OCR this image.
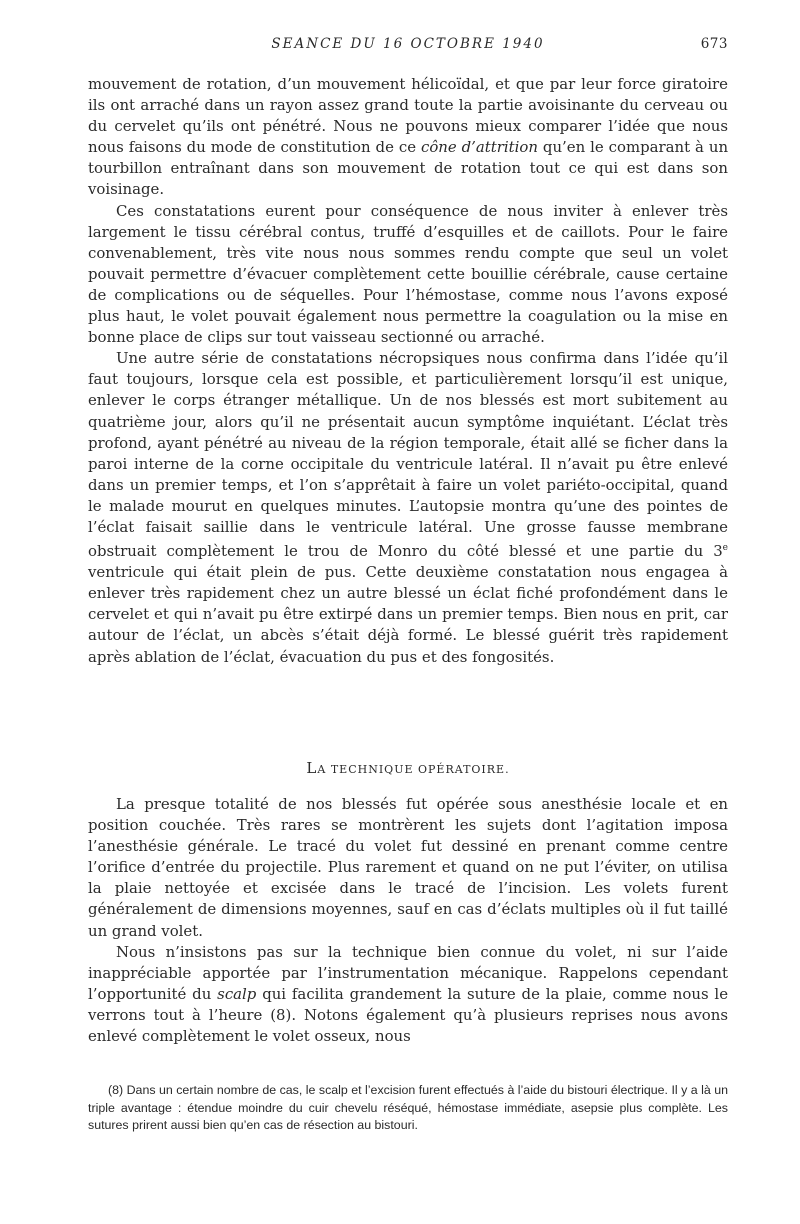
SEANCE DU 16 OCTOBRE 1940	673

mouvement de rotation, d’un mouvement hélicoïdal, et que par leur force giratoire ils ont arraché dans un rayon assez grand toute la partie avoisinante du cerveau ou du cervelet qu’ils ont pénétré. Nous ne pouvons mieux comparer l’idée que nous nous faisons du mode de constitution de ce cône d’attrition qu’en le comparant à un tourbillon entraînant dans son mouvement de rotation tout ce qui est dans son voisinage.

Ces constatations eurent pour conséquence de nous inviter à enlever très largement le tissu cérébral contus, truffé d’esquilles et de caillots. Pour le faire convenablement, très vite nous nous sommes rendu compte que seul un volet pouvait permettre d’évacuer complètement cette bouillie cérébrale, cause certaine de complications ou de séquelles. Pour l’hémostase, comme nous l’avons exposé plus haut, le volet pouvait également nous permettre la coagulation ou la mise en bonne place de clips sur tout vaisseau sectionné ou arraché.

Une autre série de constatations nécropsiques nous confirma dans l’idée qu’il faut toujours, lorsque cela est possible, et particulièrement lorsqu’il est unique, enlever le corps étranger métallique. Un de nos blessés est mort subitement au quatrième jour, alors qu’il ne présentait aucun symptôme inquiétant. L’éclat très profond, ayant pénétré au niveau de la région temporale, était allé se ficher dans la paroi interne de la corne occipitale du ventricule latéral. Il n’avait pu être enlevé dans un premier temps, et l’on s’apprêtait à faire un volet pariéto-occipital, quand le malade mourut en quelques minutes. L’autopsie montra qu’une des pointes de l’éclat faisait saillie dans le ventricule latéral. Une grosse fausse membrane obstruait complètement le trou de Monro du côté blessé et une partie du 3e ventricule qui était plein de pus. Cette deuxième constatation nous engagea à enlever très rapidement chez un autre blessé un éclat fiché profondément dans le cervelet et qui n’avait pu être extirpé dans un premier temps. Bien nous en prit, car autour de l’éclat, un abcès s’était déjà formé. Le blessé guérit très rapidement après ablation de l’éclat, évacuation du pus et des fongosités.

LA TECHNIQUE OPÉRATOIRE.

La presque totalité de nos blessés fut opérée sous anesthésie locale et en position couchée. Très rares se montrèrent les sujets dont l’agitation imposa l’anesthésie générale. Le tracé du volet fut dessiné en prenant comme centre l’orifice d’entrée du projectile. Plus rarement et quand on ne put l’éviter, on utilisa la plaie nettoyée et excisée dans le tracé de l’incision. Les volets furent généralement de dimensions moyennes, sauf en cas d’éclats multiples où il fut taillé un grand volet.

Nous n’insistons pas sur la technique bien connue du volet, ni sur l’aide inappréciable apportée par l’instrumentation mécanique. Rappelons cependant l’opportunité du scalp qui facilita grandement la suture de la plaie, comme nous le verrons tout à l’heure (8). Notons également qu’à plusieurs reprises nous avons enlevé complètement le volet osseux, nous

(8) Dans un certain nombre de cas, le scalp et l’excision furent effectués à l’aide du bistouri électrique. Il y a là un triple avantage : étendue moindre du cuir chevelu réséqué, hémostase immédiate, asepsie plus complète. Les sutures prirent aussi bien qu’en cas de résection au bistouri.
